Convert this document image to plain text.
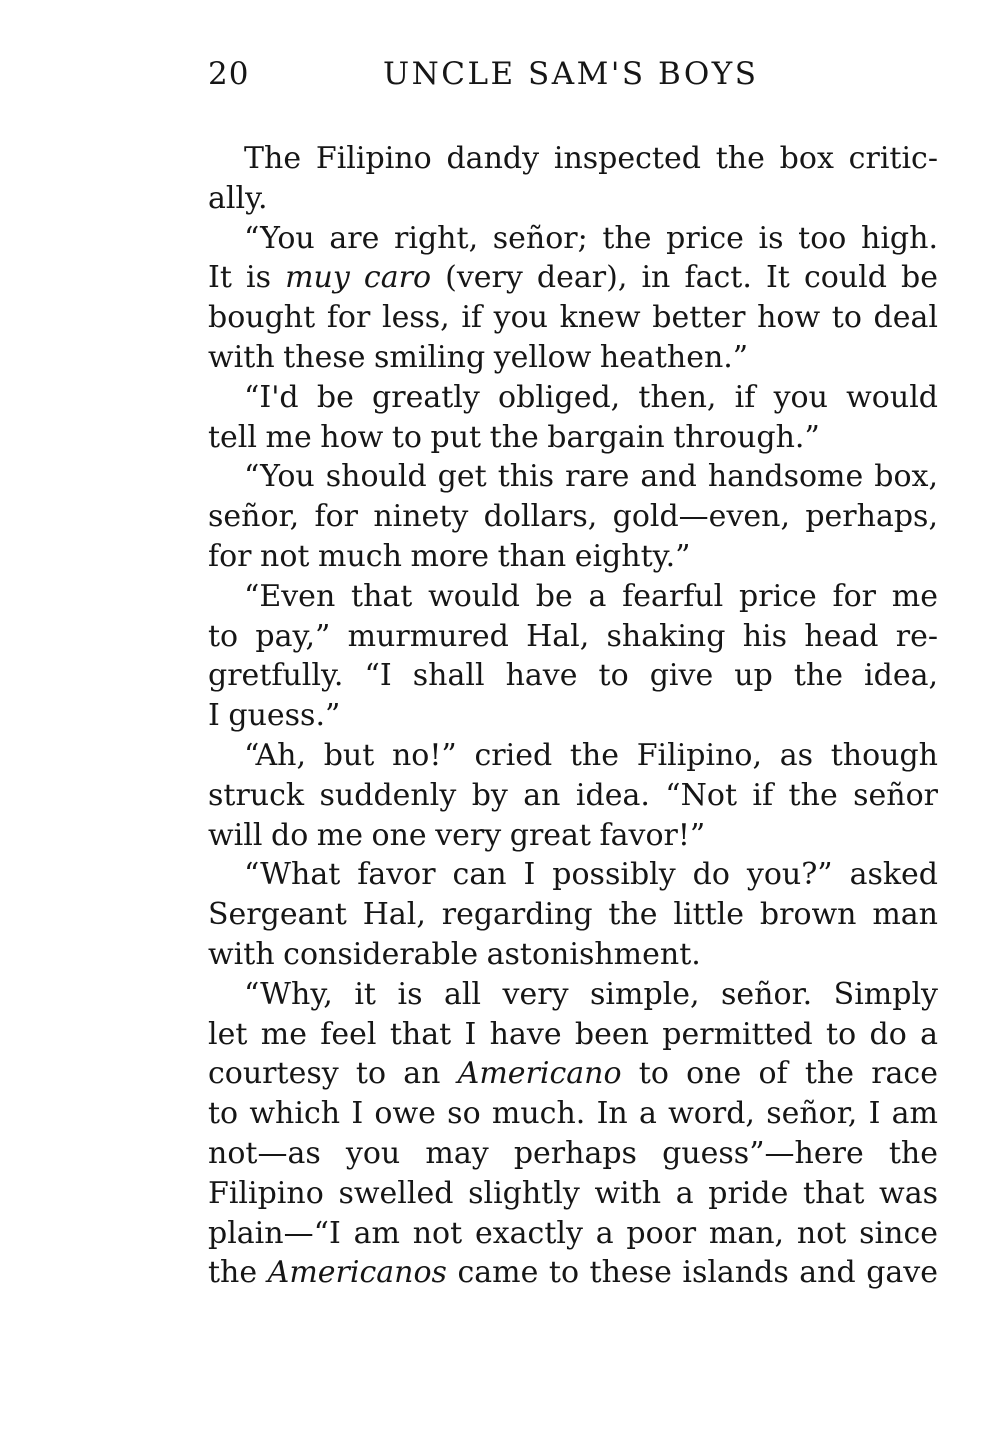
20	UNCLE SAM'S BOYS
The Filipino dandy inspected the box critic-
ally.
“You are right, señor; the price is too high.
It is muy caro (very dear), in fact. It could be
bought for less, if you knew better how to deal
with these smiling yellow heathen.”
“I'd be greatly obliged, then, if you would
tell me how to put the bargain through.”
“You should get this rare and handsome box,
señor, for ninety dollars, gold—even, perhaps,
for not much more than eighty.”
“Even that would be a fearful price for me
to pay,” murmured Hal, shaking his head re-
gretfully. “I shall have to give up the idea,
I guess.”
“Ah, but no!” cried the Filipino, as though
struck suddenly by an idea. “Not if the señor
will do me one very great favor!”
“What favor can I possibly do you?” asked
Sergeant Hal, regarding the little brown man
with considerable astonishment.
“Why, it is all very simple, señor. Simply
let me feel that I have been permitted to do a
courtesy to an Americano to one of the race
to which I owe so much. In a word, señor, I am
not—as you may perhaps guess”—here the
Filipino swelled slightly with a pride that was
plain—“I am not exactly a poor man, not since
the Americanos came to these islands and gave
